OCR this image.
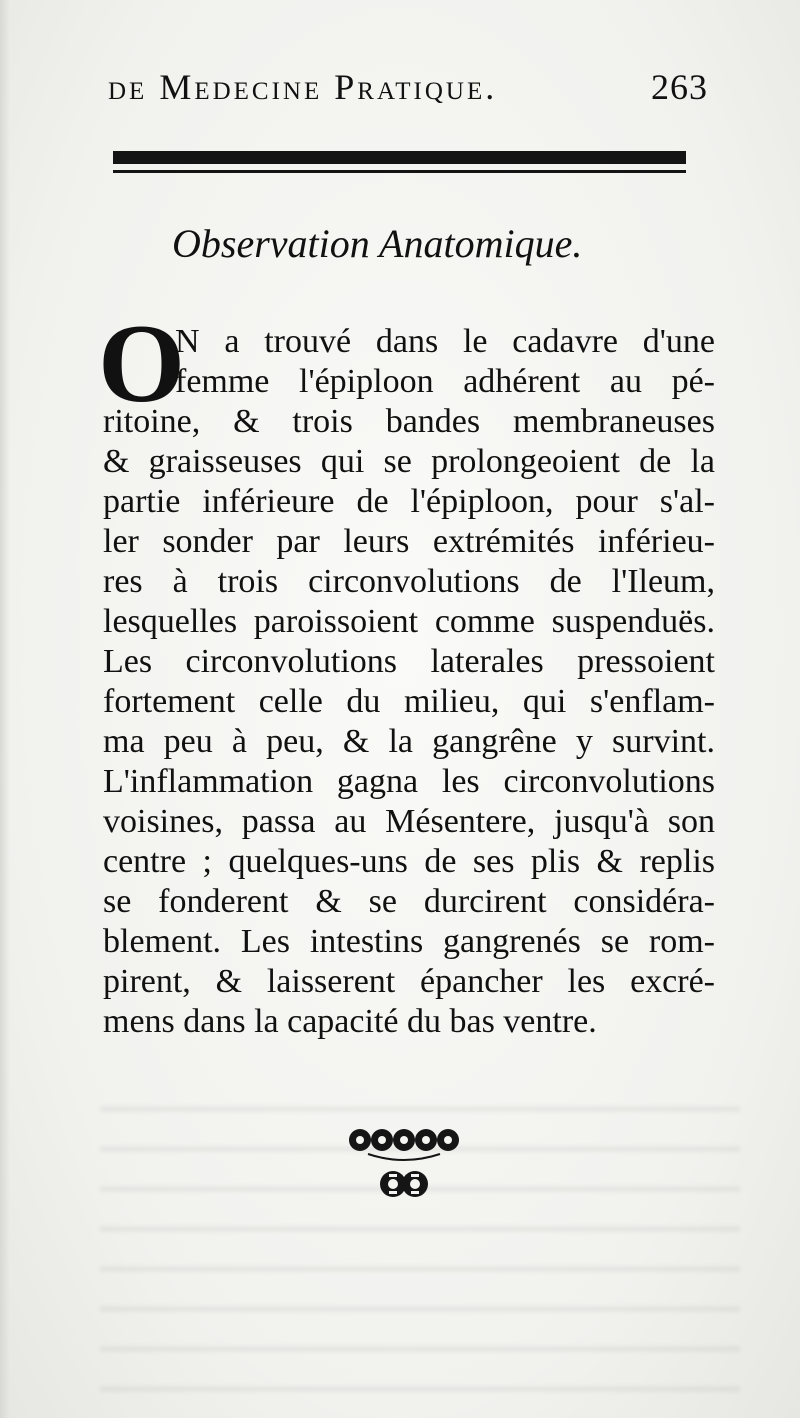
de Medecine Pratique.	263
Observation Anatomique.
O
N a trouvé dans le cadavre d'une
femme l'épiploon adhérent au pé-
ritoine, & trois bandes membraneuses
& graisseuses qui se prolongeoient de la
partie inférieure de l'épiploon, pour s'al-
ler sonder par leurs extrémités inférieu-
res à trois circonvolutions de l'Ileum,
lesquelles paroissoient comme suspenduës.
Les circonvolutions laterales pressoient
fortement celle du milieu, qui s'enflam-
ma peu à peu, & la gangrêne y survint.
L'inflammation gagna les circonvolutions
voisines, passa au Mésentere, jusqu'à son
centre ; quelques-uns de ses plis & replis
se fonderent & se durcirent considéra-
blement. Les intestins gangrenés se rom-
pirent, & laisserent épancher les excré-
mens dans la capacité du bas ventre.
